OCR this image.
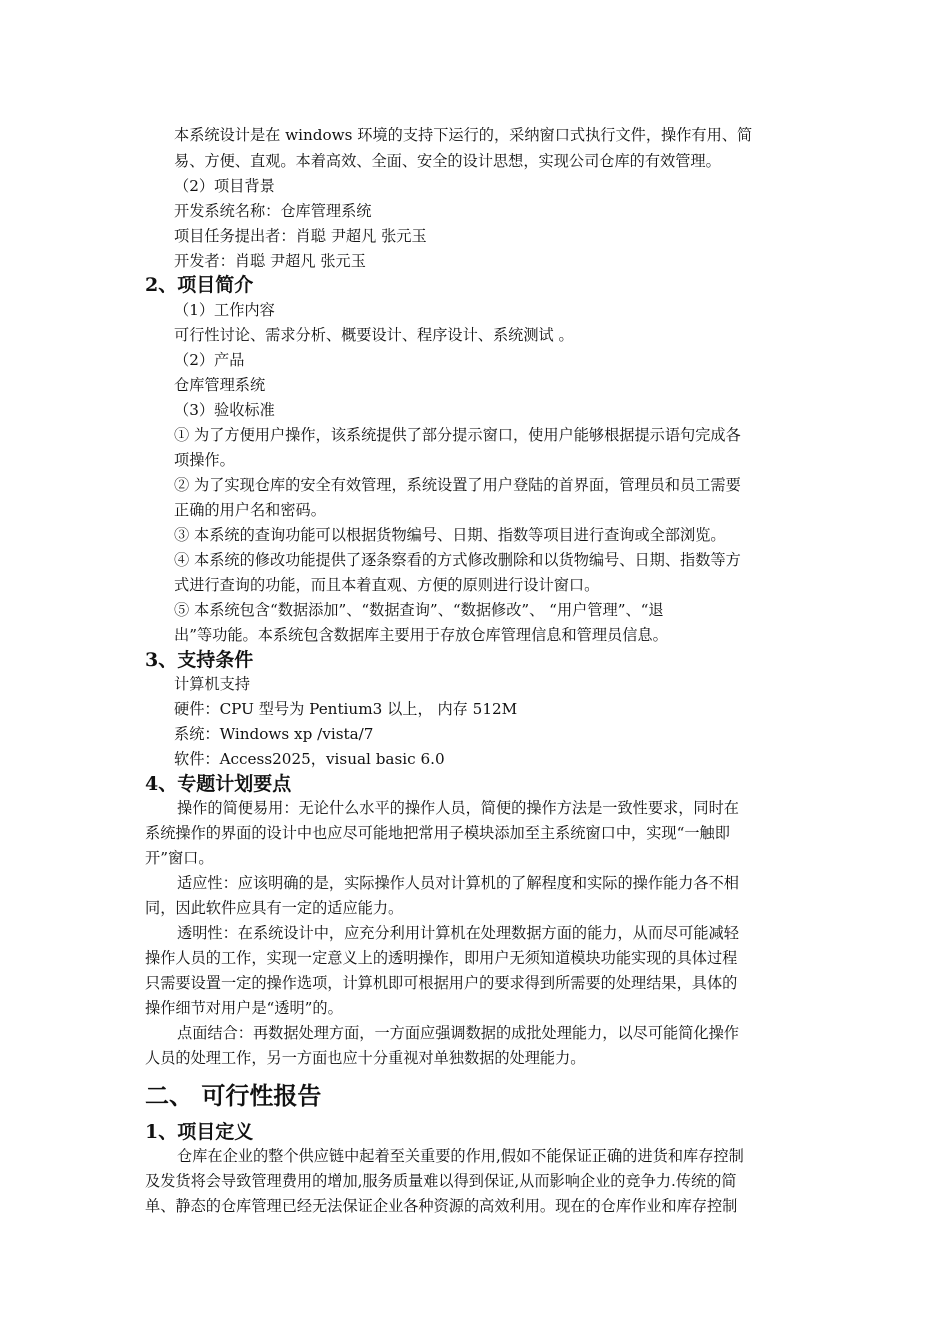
本系统设计是在 windows 环境的支持下运行的，采纳窗口式执行文件，操作有用、简
易、方便、直观。本着高效、全面、安全的设计思想，实现公司仓库的有效管理。
（2）项目背景
开发系统名称：仓库管理系统
项目任务提出者：肖聪 尹超凡 张元玉
开发者：肖聪 尹超凡 张元玉
2、项目简介
（1）工作内容
可行性讨论、需求分析、概要设计、程序设计、系统测试 。
（2）产品
仓库管理系统
（3）验收标准
① 为了方便用户操作，该系统提供了部分提示窗口，使用户能够根据提示语句完成各
项操作。
② 为了实现仓库的安全有效管理，系统设置了用户登陆的首界面，管理员和员工需要
正确的用户名和密码。
③ 本系统的查询功能可以根据货物编号、日期、指数等项目进行查询或全部浏览。
④ 本系统的修改功能提供了逐条察看的方式修改删除和以货物编号、日期、指数等方
式进行查询的功能，而且本着直观、方便的原则进行设计窗口。
⑤ 本系统包含“数据添加”、“数据查询”、“数据修改”、 “用户管理”、“退
出”等功能。本系统包含数据库主要用于存放仓库管理信息和管理员信息。
3、支持条件
计算机支持
硬件：CPU 型号为 Pentium3 以上， 内存 512M
系统：Windows xp /vista/7
软件：Access2025，visual basic 6.0
4、专题计划要点
操作的简便易用：无论什么水平的操作人员，简便的操作方法是一致性要求，同时在
系统操作的界面的设计中也应尽可能地把常用子模块添加至主系统窗口中，实现“一触即
开”窗口。
适应性：应该明确的是，实际操作人员对计算机的了解程度和实际的操作能力各不相
同，因此软件应具有一定的适应能力。
透明性：在系统设计中，应充分利用计算机在处理数据方面的能力，从而尽可能减轻
操作人员的工作，实现一定意义上的透明操作，即用户无须知道模块功能实现的具体过程
只需要设置一定的操作选项，计算机即可根据用户的要求得到所需要的处理结果，具体的
操作细节对用户是“透明”的。
点面结合：再数据处理方面，一方面应强调数据的成批处理能力，以尽可能简化操作
人员的处理工作，另一方面也应十分重视对单独数据的处理能力。
二、 可行性报告
1、项目定义
仓库在企业的整个供应链中起着至关重要的作用,假如不能保证正确的进货和库存控制
及发货将会导致管理费用的增加,服务质量难以得到保证,从而影响企业的竞争力.传统的简
单、静态的仓库管理已经无法保证企业各种资源的高效利用。现在的仓库作业和库存控制
